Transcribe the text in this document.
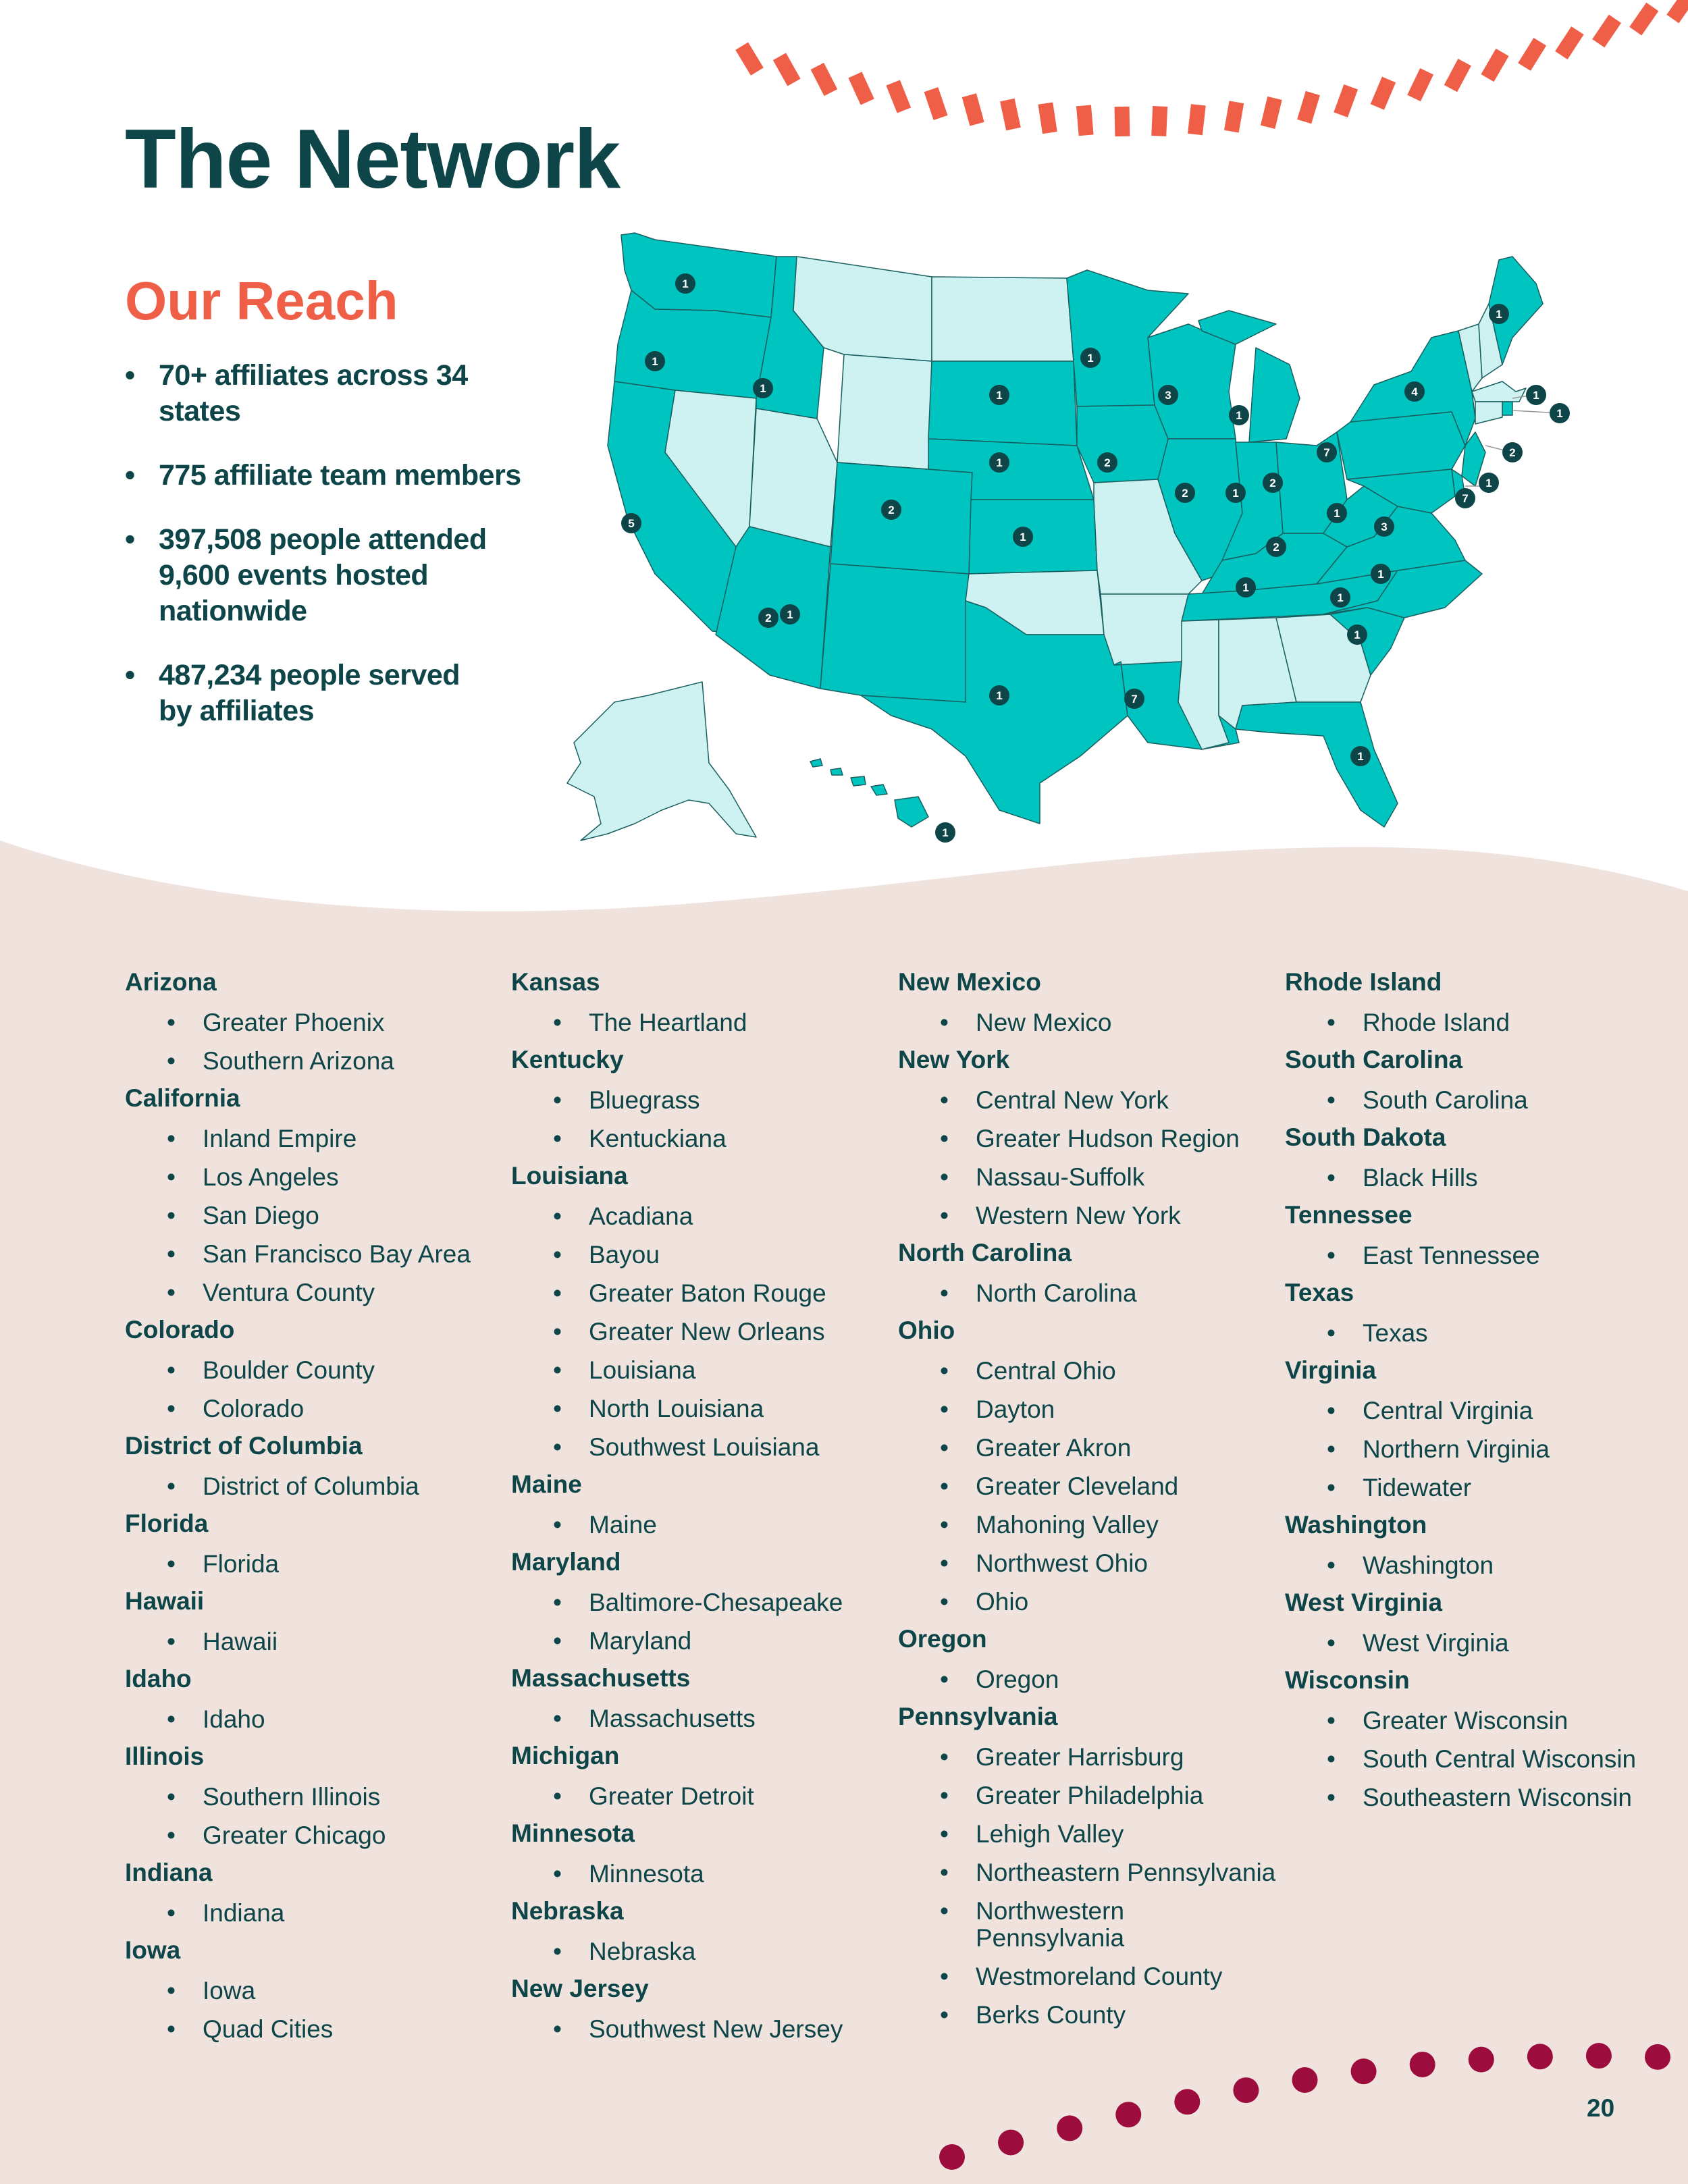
The Network
Our Reach
• 70+ affiliates across 34 states
• 775 affiliate team members
• 397,508 people attended
9,600 events hosted
nationwide
• 487,234 people served
by affiliates
1
1
1
5
2
1
2
1
1
1
1
2
3
1
2
1
1
2
1
7
7
2
1
1
3
1
1
4
1
1
1
2
1
7
1
1
Arizona
• Greater Phoenix
• Southern Arizona
California
• Inland Empire
• Los Angeles
• San Diego
• San Francisco Bay Area
• Ventura County
Colorado
• Boulder County
• Colorado
District of Columbia
• District of Columbia
Florida
• Florida
Hawaii
• Hawaii
Idaho
• Idaho
Illinois
• Southern Illinois
• Greater Chicago
Indiana
• Indiana
Iowa
• Iowa
• Quad Cities
Kansas
• The Heartland
Kentucky
• Bluegrass
• Kentuckiana
Louisiana
• Acadiana
• Bayou
• Greater Baton Rouge
• Greater New Orleans
• Louisiana
• North Louisiana
• Southwest Louisiana
Maine
• Maine
Maryland
• Baltimore-Chesapeake
• Maryland
Massachusetts
• Massachusetts
Michigan
• Greater Detroit
Minnesota
• Minnesota
Nebraska
• Nebraska
New Jersey
• Southwest New Jersey
New Mexico
• New Mexico
New York
• Central New York
• Greater Hudson Region
• Nassau-Suffolk
• Western New York
North Carolina
• North Carolina
Ohio
• Central Ohio
• Dayton
• Greater Akron
• Greater Cleveland
• Mahoning Valley
• Northwest Ohio
• Ohio
Oregon
• Oregon
Pennsylvania
• Greater Harrisburg
• Greater Philadelphia
• Lehigh Valley
• Northeastern Pennsylvania
• Northwestern Pennsylvania
• Westmoreland County
• Berks County
Rhode Island
• Rhode Island
South Carolina
• South Carolina
South Dakota
• Black Hills
Tennessee
• East Tennessee
Texas
• Texas
Virginia
• Central Virginia
• Northern Virginia
• Tidewater
Washington
• Washington
West Virginia
• West Virginia
Wisconsin
• Greater Wisconsin
• South Central Wisconsin
• Southeastern Wisconsin
20
